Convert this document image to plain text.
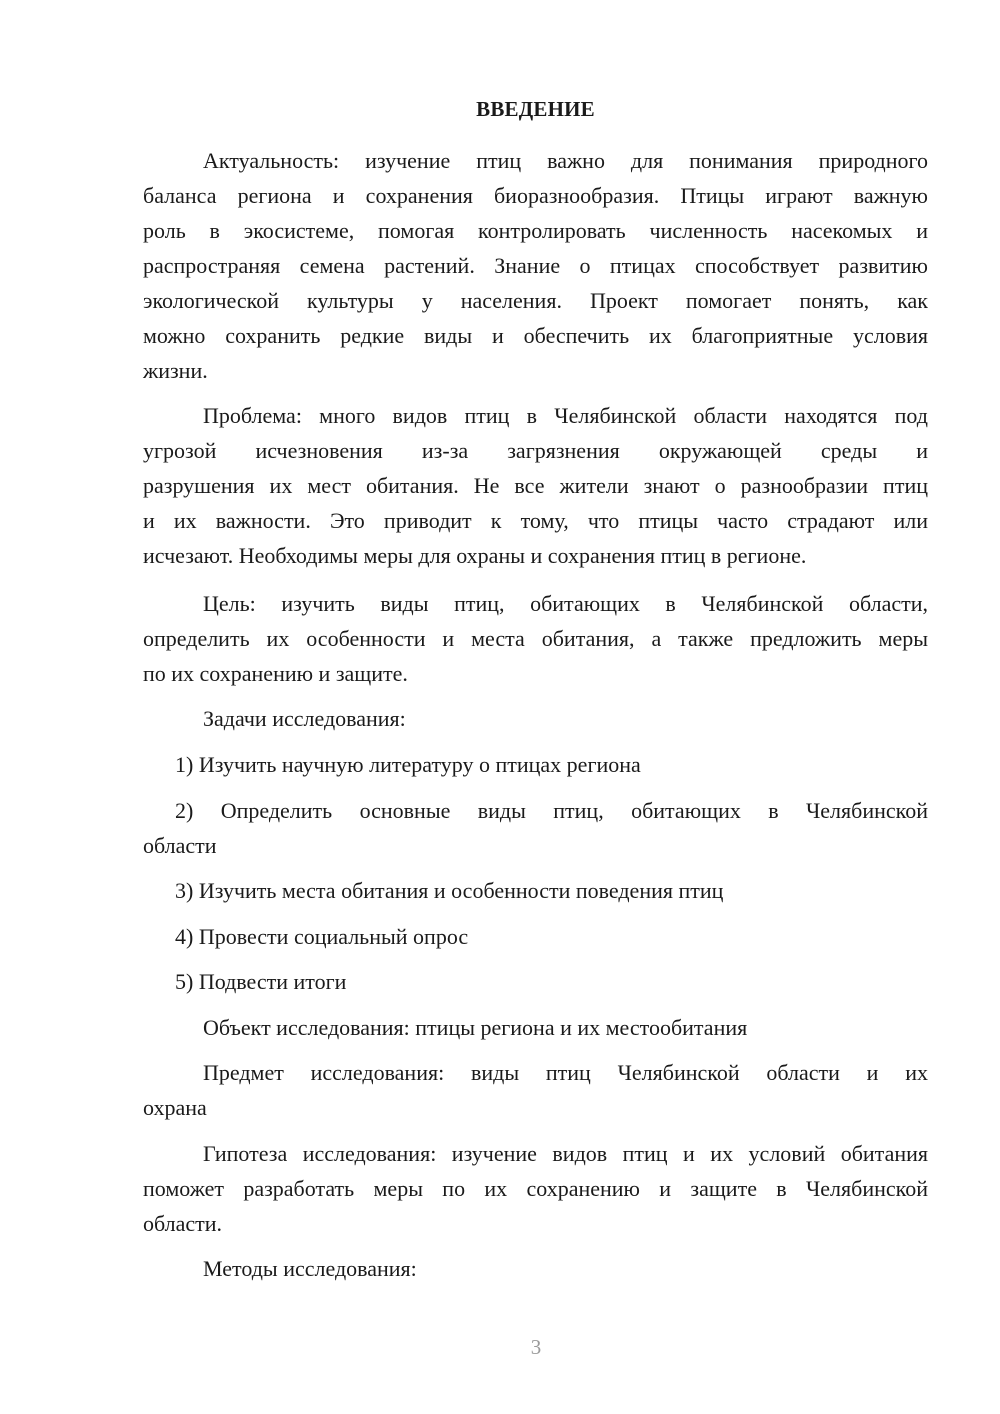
ВВЕДЕНИЕ
Актуальность: изучение птиц важно для понимания природного
баланса региона и сохранения биоразнообразия. Птицы играют важную
роль в экосистеме, помогая контролировать численность насекомых и
распространяя семена растений. Знание о птицах способствует развитию
экологической культуры у населения. Проект помогает понять, как
можно сохранить редкие виды и обеспечить их благоприятные условия
жизни.
Проблема: много видов птиц в Челябинской области находятся под
угрозой исчезновения из-за загрязнения окружающей среды и
разрушения их мест обитания. Не все жители знают о разнообразии птиц
и их важности. Это приводит к тому, что птицы часто страдают или
исчезают. Необходимы меры для охраны и сохранения птиц в регионе.
Цель: изучить виды птиц, обитающих в Челябинской области,
определить их особенности и места обитания, а также предложить меры
по их сохранению и защите.
Задачи исследования:
1) Изучить научную литературу о птицах региона
2) Определить основные виды птиц, обитающих в Челябинской
области
3) Изучить места обитания и особенности поведения птиц
4) Провести социальный опрос
5) Подвести итоги
Объект исследования: птицы региона и их местообитания
Предмет исследования: виды птиц Челябинской области и их
охрана
Гипотеза исследования: изучение видов птиц и их условий обитания
поможет разработать меры по их сохранению и защите в Челябинской
области.
Методы исследования:
3
